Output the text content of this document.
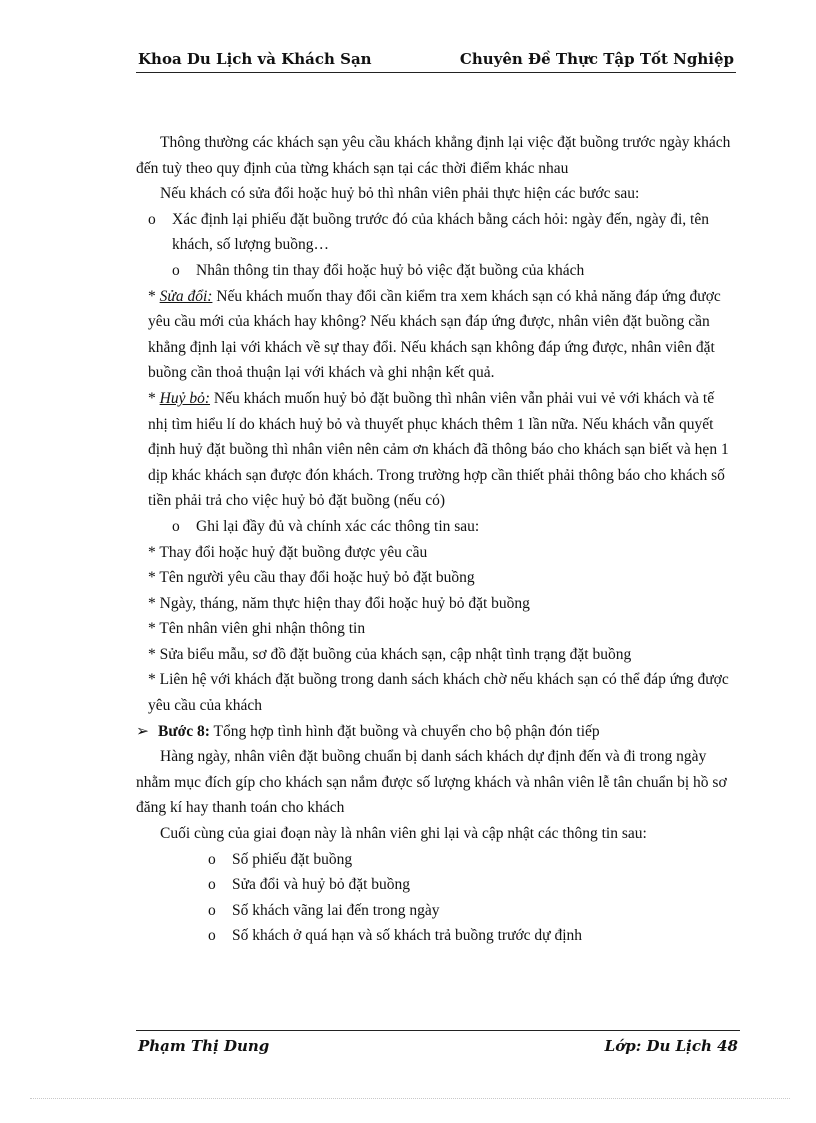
Khoa Du Lịch và Khách Sạn	Chuyên Đề Thực Tập Tốt Nghiệp

Thông thường các khách sạn yêu cầu khách khẳng định lại việc đặt buồng trước ngày khách đến tuỳ theo quy định của từng khách sạn tại các thời điểm khác nhau

Nếu khách có sửa đổi hoặc huỷ bỏ thì nhân viên phải thực hiện các bước sau:

o Xác định lại phiếu đặt buồng trước đó của khách bằng cách hỏi: ngày đến, ngày đi, tên khách, số lượng buồng…

o Nhân thông tin thay đổi hoặc huỷ bỏ việc đặt buồng của khách

* Sửa đổi: Nếu khách muốn thay đổi cần kiểm tra xem khách sạn có khả năng đáp ứng được yêu cầu mới của khách hay không? Nếu khách sạn đáp ứng được, nhân viên đặt buồng cần khẳng định lại với khách về sự thay đổi. Nếu khách sạn không đáp ứng được, nhân viên đặt buồng cần thoả thuận lại với khách và ghi nhận kết quả.

* Huỷ bỏ: Nếu khách muốn huỷ bỏ đặt buồng thì nhân viên vẫn phải vui vẻ với khách và tế nhị tìm hiểu lí do khách huỷ bỏ và thuyết phục khách thêm 1 lần nữa. Nếu khách vẫn quyết định huỷ đặt buồng thì nhân viên nên cảm ơn khách đã thông báo cho khách sạn biết và hẹn 1 dịp khác khách sạn được đón khách. Trong trường hợp cần thiết phải thông báo cho khách số tiền phải trả cho việc huỷ bỏ đặt buồng (nếu có)

o Ghi lại đầy đủ và chính xác các thông tin sau:

* Thay đổi hoặc huỷ đặt buồng được yêu cầu

* Tên người yêu cầu thay đổi hoặc huỷ bỏ đặt buồng

* Ngày, tháng, năm thực hiện thay đổi hoặc huỷ bỏ đặt buồng

* Tên nhân viên ghi nhận thông tin

* Sửa biểu mẫu, sơ đồ đặt buồng của khách sạn, cập nhật tình trạng đặt buồng

* Liên hệ với khách đặt buồng trong danh sách khách chờ nếu khách sạn có thể đáp ứng được yêu cầu của khách

➢ Bước 8: Tổng hợp tình hình đặt buồng và chuyển cho bộ phận đón tiếp

Hàng ngày, nhân viên đặt buồng chuẩn bị danh sách khách dự định đến và đi trong ngày nhằm mục đích gíp cho khách sạn nắm được số lượng khách và nhân viên lễ tân chuẩn bị hồ sơ đăng kí hay thanh toán cho khách

Cuối cùng của giai đoạn này là nhân viên ghi lại và cập nhật các thông tin sau:

o Số phiếu đặt buồng

o Sửa đổi và huỷ bỏ đặt buồng

o Số khách vãng lai đến trong ngày

o Số khách ở quá hạn và số khách trả buồng trước dự định

Phạm Thị Dung	Lớp: Du Lịch 48
